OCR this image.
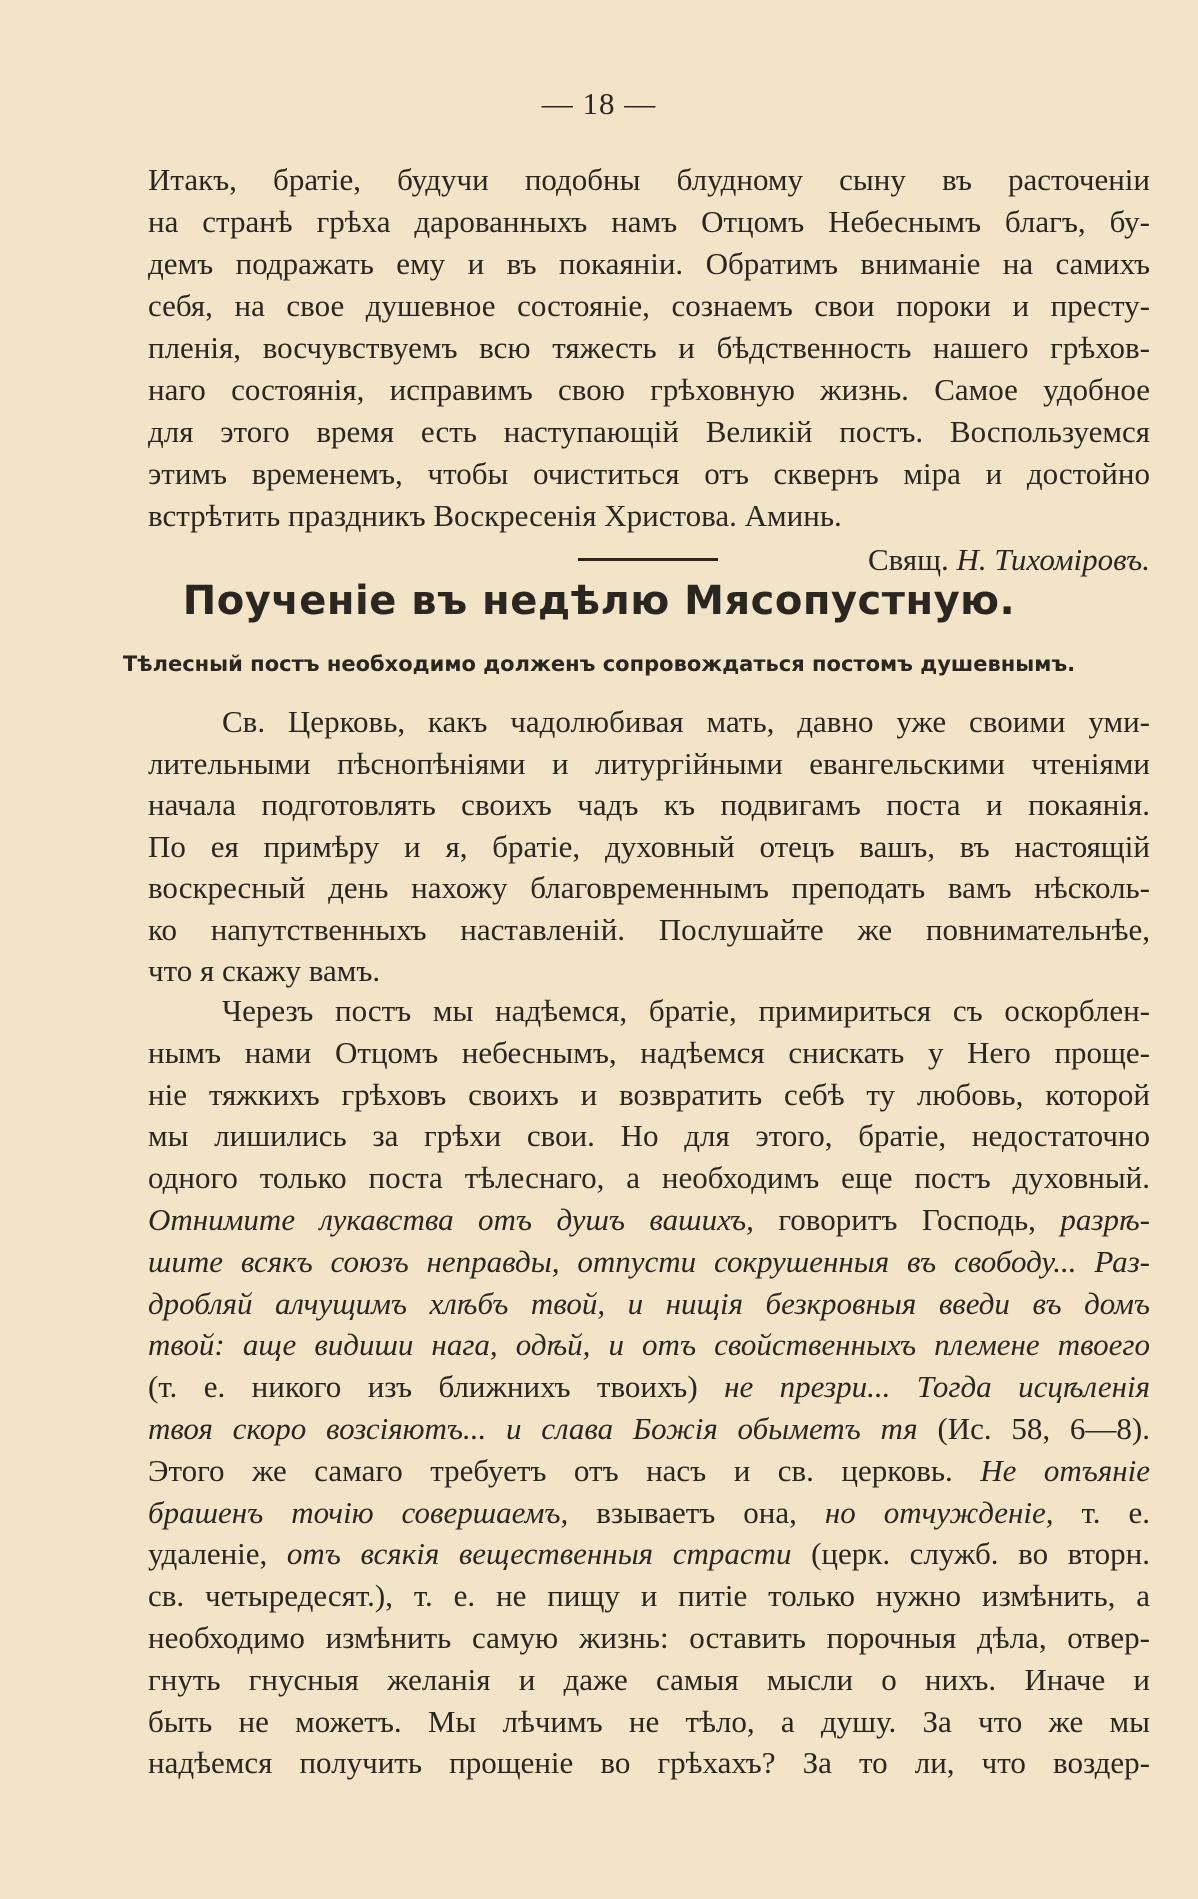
— 18 —
Итакъ, братіе, будучи подобны блудному сыну въ расточеніи
на странѣ грѣха дарованныхъ намъ Отцомъ Небеснымъ благъ, бу-
демъ подражать ему и въ покаяніи. Обратимъ вниманіе на самихъ
себя, на свое душевное состояніе, сознаемъ свои пороки и престу-
пленія, восчувствуемъ всю тяжесть и бѣдственность нашего грѣхов-
наго состоянія, исправимъ свою грѣховную жизнь. Самое удобное
для этого время есть наступающій Великій постъ. Воспользуемся
этимъ временемъ, чтобы очиститься отъ сквернъ міра и достойно
встрѣтить праздникъ Воскресенія Христова. Аминь.
Свящ. Н. Тихоміровъ.
Поученіе въ недѣлю Мясопустную.
Тѣлесный постъ необходимо долженъ сопровождаться постомъ душевнымъ.
Св. Церковь, какъ чадолюбивая мать, давно уже своими уми-
лительными пѣснопѣніями и литургійными евангельскими чтеніями
начала подготовлять своихъ чадъ къ подвигамъ поста и покаянія.
По ея примѣру и я, братіе, духовный отецъ вашъ, въ настоящій
воскресный день нахожу благовременнымъ преподать вамъ нѣсколь-
ко напутственныхъ наставленій. Послушайте же повнимательнѣе,
что я скажу вамъ.
Черезъ постъ мы надѣемся, братіе, примириться съ оскорблен-
нымъ нами Отцомъ небеснымъ, надѣемся снискать у Него проще-
ніе тяжкихъ грѣховъ своихъ и возвратить себѣ ту любовь, которой
мы лишились за грѣхи свои. Но для этого, братіе, недостаточно
одного только поста тѣлеснаго, а необходимъ еще постъ духовный.
Отнимите лукавства отъ душъ вашихъ, говоритъ Господь, разрѣ-
шите всякъ союзъ неправды, отпусти сокрушенныя въ свободу... Раз-
дробляй алчущимъ хлѣбъ твой, и нищія безкровныя введи въ домъ
твой: аще видиши нага, одѣй, и отъ свойственныхъ племене твоего
(т. е. никого изъ ближнихъ твоихъ) не презри... Тогда исцѣленія
твоя скоро возсіяютъ... и слава Божія обыметъ тя (Ис. 58, 6—8).
Этого же самаго требуетъ отъ насъ и св. церковь. Не отъяніе
брашенъ точію совершаемъ, взываетъ она, но отчужденіе, т. е.
удаленіе, отъ всякія вещественныя страсти (церк. служб. во вторн.
св. четыредесят.), т. е. не пищу и питіе только нужно измѣнить, а
необходимо измѣнить самую жизнь: оставить порочныя дѣла, отвер-
гнуть гнусныя желанія и даже самыя мысли о нихъ. Иначе и
быть не можетъ. Мы лѣчимъ не тѣло, а душу. За что же мы
надѣемся получить прощеніе во грѣхахъ? За то ли, что воздер-
